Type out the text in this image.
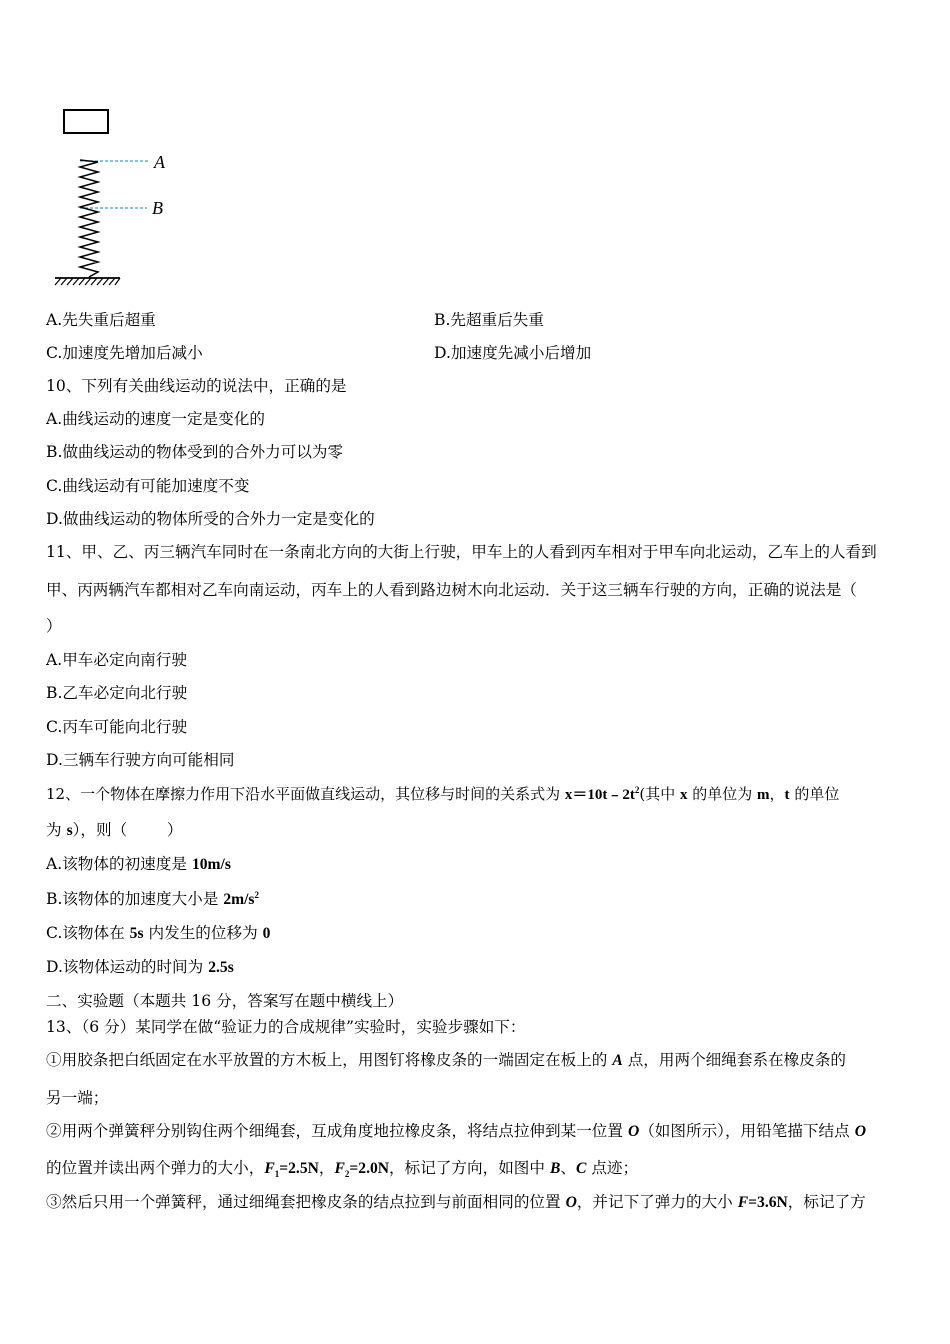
A
B
A.先失重后超重	B.先超重后失重
C.加速度先增加后减小	D.加速度先减小后增加
10、下列有关曲线运动的说法中，正确的是
A.曲线运动的速度一定是变化的
B.做曲线运动的物体受到的合外力可以为零
C.曲线运动有可能加速度不变
D.做曲线运动的物体所受的合外力一定是变化的
11、甲、乙、丙三辆汽车同时在一条南北方向的大街上行驶，甲车上的人看到丙车相对于甲车向北运动，乙车上的人看到
甲、丙两辆汽车都相对乙车向南运动，丙车上的人看到路边树木向北运动．关于这三辆车行驶的方向，正确的说法是（
）
A.甲车必定向南行驶
B.乙车必定向北行驶
C.丙车可能向北行驶
D.三辆车行驶方向可能相同
12、一个物体在摩擦力作用下沿水平面做直线运动，其位移与时间的关系式为 $x=10t﹣2t^2$(其中 x 的单位为 m，t 的单位
为 s），则（        ）
A.该物体的初速度是 10m/s
B.该物体的加速度大小是 $2m/s^2$
C.该物体在 5s 内发生的位移为 0
D.该物体运动的时间为 2.5s
二、实验题（本题共 16 分，答案写在题中横线上）
13、（6 分）某同学在做“验证力的合成规律”实验时，实验步骤如下：
①用胶条把白纸固定在水平放置的方木板上，用图钉将橡皮条的一端固定在板上的 A 点，用两个细绳套系在橡皮条的
另一端；
②用两个弹簧秤分别钩住两个细绳套，互成角度地拉橡皮条，将结点拉伸到某一位置 O（如图所示），用铅笔描下结点 O
的位置并读出两个弹力的大小，$F_1=2.5N$，$F_2=2.0N$，标记了方向，如图中 B、C 点迹；
③然后只用一个弹簧秤，通过细绳套把橡皮条的结点拉到与前面相同的位置 O，并记下了弹力的大小 F=3.6N，标记了方
